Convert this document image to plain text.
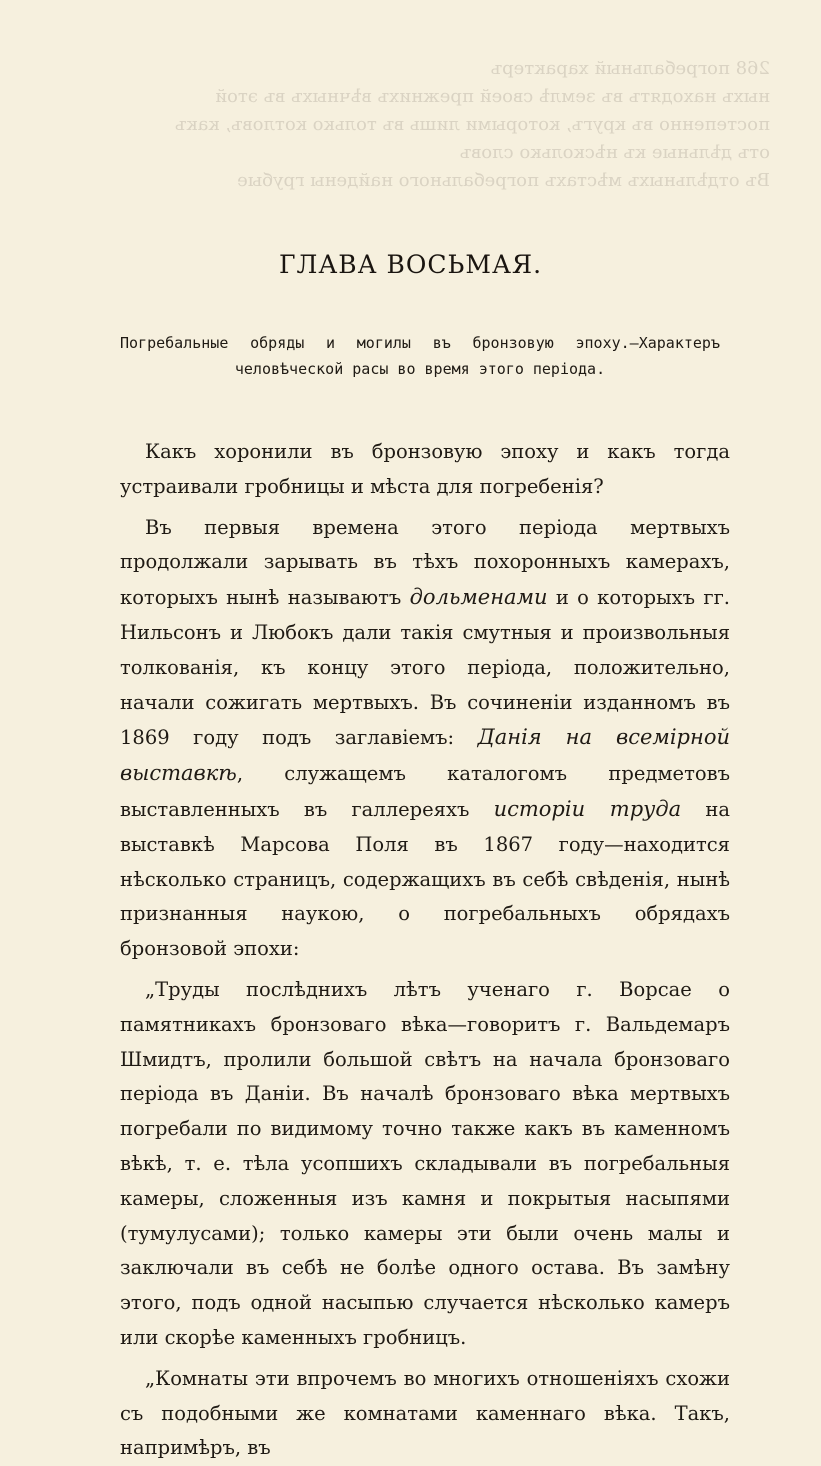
268 погребальный характеръ
ныхъ находятъ въ землѣ своей прежнихъ вѣчныхъ въ этой
постепенно въ кругъ, которыми лишь въ только котловъ, какъ
отъ дѣльные къ нѣсколько словъ
Въ отдѣльныхъ мѣстахъ погребального найдены грубые
ГЛАВА ВОСЬМАЯ.
Погребальные обряды и могилы въ бронзовую эпоху.—Характеръ человѣческой расы во время этого періода.

Какъ хоронили въ бронзовую эпоху и какъ тогда устраивали гробницы и мѣста для погребенія?

Въ первыя времена этого періода мертвыхъ продолжали зарывать въ тѣхъ похоронныхъ камерахъ, которыхъ нынѣ называютъ дольменами и о которыхъ гг. Нильсонъ и Любокъ дали такія смутныя и произвольныя толкованія, къ концу этого періода, положительно, начали сожигать мертвыхъ. Въ сочиненіи изданномъ въ 1869 году подъ заглавіемъ: Данія на всемірной выставкѣ, служащемъ каталогомъ предметовъ выставленныхъ въ галлереяхъ исторіи труда на выставкѣ Марсова Поля въ 1867 году—находится нѣсколько страницъ, содержащихъ въ себѣ свѣденія, нынѣ признанныя наукою, о погребальныхъ обрядахъ бронзовой эпохи:

„Труды послѣднихъ лѣтъ ученаго г. Ворсае о памятникахъ бронзоваго вѣка—говоритъ г. Вальдемаръ Шмидтъ, пролили большой свѣтъ на начала бронзоваго періода въ Даніи. Въ началѣ бронзоваго вѣка мертвыхъ погребали по видимому точно также какъ въ каменномъ вѣкѣ, т. е. тѣла усопшихъ складывали въ погребальныя камеры, сложенныя изъ камня и покрытыя насыпями (тумулусами); только камеры эти были очень малы и заключали въ себѣ не болѣе одного остава. Въ замѣну этого, подъ одной насыпью случается нѣсколько камеръ или скорѣе каменныхъ гробницъ.

„Комнаты эти впрочемъ во многихъ отношеніяхъ схожи съ подобными же комнатами каменнаго вѣка. Такъ, напримѣръ, въ
